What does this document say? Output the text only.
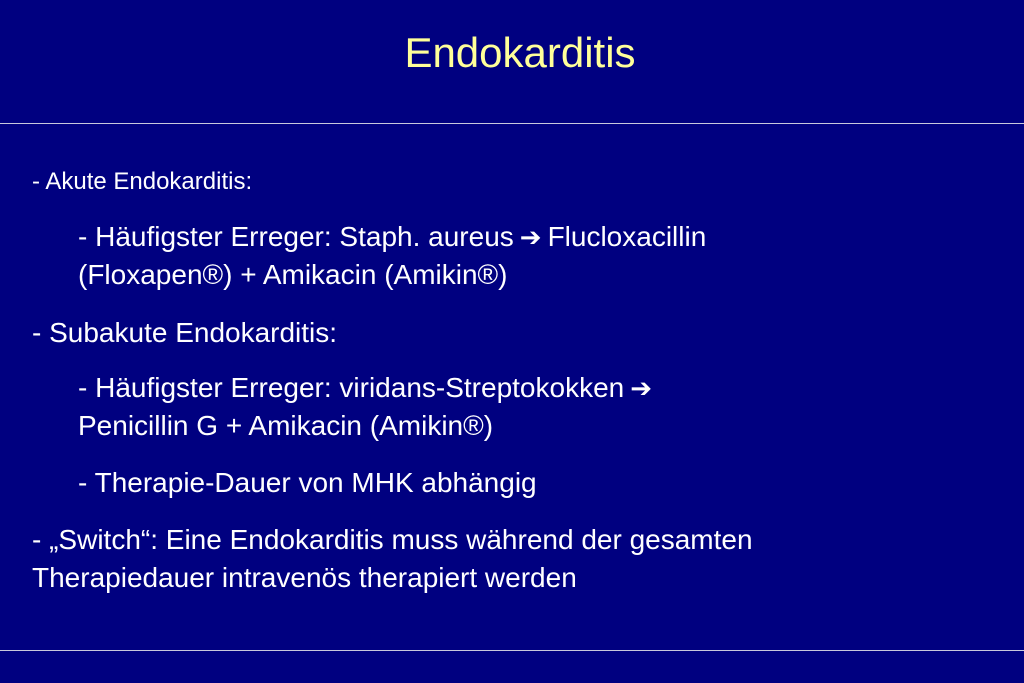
Endokarditis
- Akute Endokarditis:
- Häufigster Erreger: Staph. aureus ➔ Flucloxacillin
(Floxapen®) + Amikacin (Amikin®)
- Subakute Endokarditis:
- Häufigster Erreger: viridans-Streptokokken ➔
Penicillin G + Amikacin (Amikin®)
- Therapie-Dauer von MHK abhängig
- „Switch“: Eine Endokarditis muss während der gesamten
Therapiedauer intravenös therapiert werden
